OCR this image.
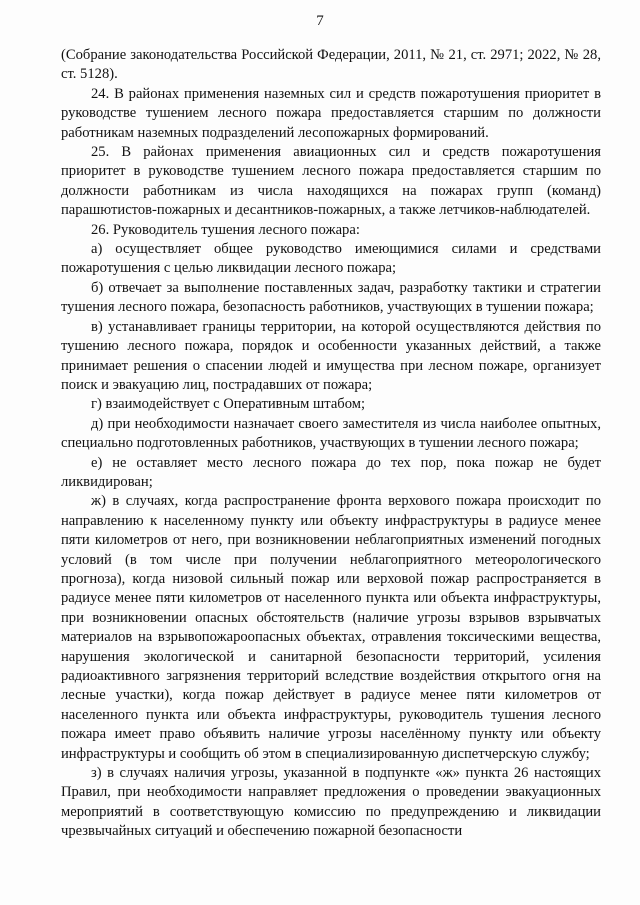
7

(Собрание законодательства Российской Федерации, 2011, № 21, ст. 2971; 2022, № 28, ст. 5128).

24. В районах применения наземных сил и средств пожаротушения приоритет в руководстве тушением лесного пожара предоставляется старшим по должности работникам наземных подразделений лесопожарных формирований.

25. В районах применения авиационных сил и средств пожаротушения приоритет в руководстве тушением лесного пожара предоставляется старшим по должности работникам из числа находящихся на пожарах групп (команд) парашютистов-пожарных и десантников-пожарных, а также летчиков-наблюдателей.

26. Руководитель тушения лесного пожара:

а) осуществляет общее руководство имеющимися силами и средствами пожаротушения с целью ликвидации лесного пожара;

б) отвечает за выполнение поставленных задач, разработку тактики и стратегии тушения лесного пожара, безопасность работников, участвующих в тушении пожара;

в) устанавливает границы территории, на которой осуществляются действия по тушению лесного пожара, порядок и особенности указанных действий, а также принимает решения о спасении людей и имущества при лесном пожаре, организует поиск и эвакуацию лиц, пострадавших от пожара;

г) взаимодействует с Оперативным штабом;

д) при необходимости назначает своего заместителя из числа наиболее опытных, специально подготовленных работников, участвующих в тушении лесного пожара;

е) не оставляет место лесного пожара до тех пор, пока пожар не будет ликвидирован;

ж) в случаях, когда распространение фронта верхового пожара происходит по направлению к населенному пункту или объекту инфраструктуры в радиусе менее пяти километров от него, при возникновении неблагоприятных изменений погодных условий (в том числе при получении неблагоприятного метеорологического прогноза), когда низовой сильный пожар или верховой пожар распространяется в радиусе менее пяти километров от населенного пункта или объекта инфраструктуры, при возникновении опасных обстоятельств (наличие угрозы взрывов взрывчатых материалов на взрывопожароопасных объектах, отравления токсическими вещества, нарушения экологической и санитарной безопасности территорий, усиления радиоактивного загрязнения территорий вследствие воздействия открытого огня на лесные участки), когда пожар действует в радиусе менее пяти километров от населенного пункта или объекта инфраструктуры, руководитель тушения лесного пожара имеет право объявить наличие угрозы населённому пункту или объекту инфраструктуры и сообщить об этом в специализированную диспетчерскую службу;

з) в случаях наличия угрозы, указанной в подпункте «ж» пункта 26 настоящих Правил, при необходимости направляет предложения о проведении эвакуационных мероприятий в соответствующую комиссию по предупреждению и ликвидации чрезвычайных ситуаций и обеспечению пожарной безопасности
